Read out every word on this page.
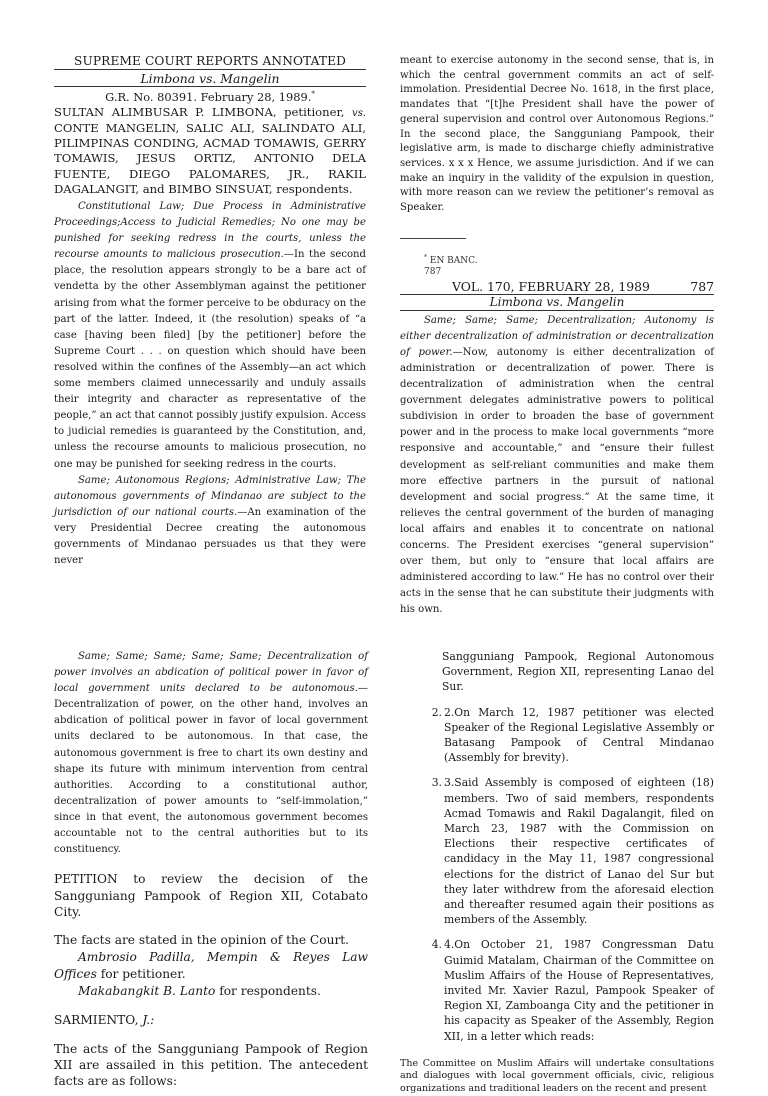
SUPREME COURT REPORTS ANNOTATED
Limbona vs. Mangelin
G.R. No. 80391. February 28, 1989.*
SULTAN ALIMBUSAR P. LIMBONA, petitioner, vs. CONTE MANGELIN, SALIC ALI, SALINDATO ALI, PILIMPINAS CONDING, ACMAD TOMAWIS, GERRY TOMAWIS, JESUS ORTIZ, ANTONIO DELA FUENTE, DIEGO PALOMARES, JR., RAKIL DAGALANGIT, and BIMBO SINSUAT, respondents.
Constitutional Law; Due Process in Administrative Proceedings;Access to Judicial Remedies; No one may be punished for seeking redress in the courts, unless the recourse amounts to malicious prosecution.—In the second place, the resolution appears strongly to be a bare act of vendetta by the other Assemblyman against the petitioner arising from what the former perceive to be obduracy on the part of the latter. Indeed, it (the resolution) speaks of “a case [having been filed] [by the petitioner] before the Supreme Court . . . on question which should have been resolved within the confines of the Assembly—an act which some members claimed unnecessarily and unduly assails their integrity and character as representative of the people,” an act that cannot possibly justify expulsion. Access to judicial remedies is guaranteed by the Constitution, and, unless the recourse amounts to malicious prosecution, no one may be punished for seeking redress in the courts.
Same; Autonomous Regions; Administrative Law; The autonomous governments of Mindanao are subject to the jurisdiction of our national courts.—An examination of the very Presidential Decree creating the autonomous governments of Mindanao persuades us that they were never
meant to exercise autonomy in the second sense, that is, in which the central government commits an act of self-immolation. Presidential Decree No. 1618, in the first place, mandates that “[t]he President shall have the power of general supervision and control over Autonomous Regions.” In the second place, the Sangguniang Pampook, their legislative arm, is made to discharge chiefly administrative services. x x x Hence, we assume jurisdiction. And if we can make an inquiry in the validity of the expulsion in question, with more reason can we review the petitioner’s removal as Speaker.
* EN BANC.
787
VOL. 170, FEBRUARY 28, 1989	787
Limbona vs. Mangelin
Same; Same; Same; Decentralization; Autonomy is either decentralization of administration or decentralization of power.—Now, autonomy is either decentralization of administration or decentralization of power. There is decentralization of administration when the central government delegates administrative powers to political subdivision in order to broaden the base of government power and in the process to make local governments “more responsive and accountable,” and “ensure their fullest development as self-reliant communities and make them more effective partners in the pursuit of national development and social progress.” At the same time, it relieves the central government of the burden of managing local affairs and enables it to concentrate on national concerns. The President exercises “general supervision” over them, but only to “ensure that local affairs are administered according to law.” He has no control over their acts in the sense that he can substitute their judgments with his own.
Same; Same; Same; Same; Same; Decentralization of power involves an abdication of political power in favor of local government units declared to be autonomous.—Decentralization of power, on the other hand, involves an abdication of political power in favor of local government units declared to be autonomous. In that case, the autonomous government is free to chart its own destiny and shape its future with minimum intervention from central authorities. According to a constitutional author, decentralization of power amounts to “self-immolation,” since in that event, the autonomous government becomes accountable not to the central authorities but to its constituency.
PETITION to review the decision of the Sangguniang Pampook of Region XII, Cotabato City.
The facts are stated in the opinion of the Court.
Ambrosio Padilla, Mempin & Reyes Law Offices for petitioner.
Makabangkit B. Lanto for respondents.
SARMIENTO, J.:
The acts of the Sangguniang Pampook of Region XII are assailed in this petition. The antecedent facts are as follows:
Sangguniang Pampook, Regional Autonomous Government, Region XII, representing Lanao del Sur.
2. 2.On March 12, 1987 petitioner was elected Speaker of the Regional Legislative Assembly or Batasang Pampook of Central Mindanao (Assembly for brevity).
3. 3.Said Assembly is composed of eighteen (18) members. Two of said members, respondents Acmad Tomawis and Rakil Dagalangit, filed on March 23, 1987 with the Commission on Elections their respective certificates of candidacy in the May 11, 1987 congressional elections for the district of Lanao del Sur but they later withdrew from the aforesaid election and thereafter resumed again their positions as members of the Assembly.
4. 4.On October 21, 1987 Congressman Datu Guimid Matalam, Chairman of the Committee on Muslim Affairs of the House of Representatives, invited Mr. Xavier Razul, Pampook Speaker of Region XI, Zamboanga City and the petitioner in his capacity as Speaker of the Assembly, Region XII, in a letter which reads:
The Committee on Muslim Affairs will undertake consultations and dialogues with local government officials, civic, religious organizations and traditional leaders on the recent and present
